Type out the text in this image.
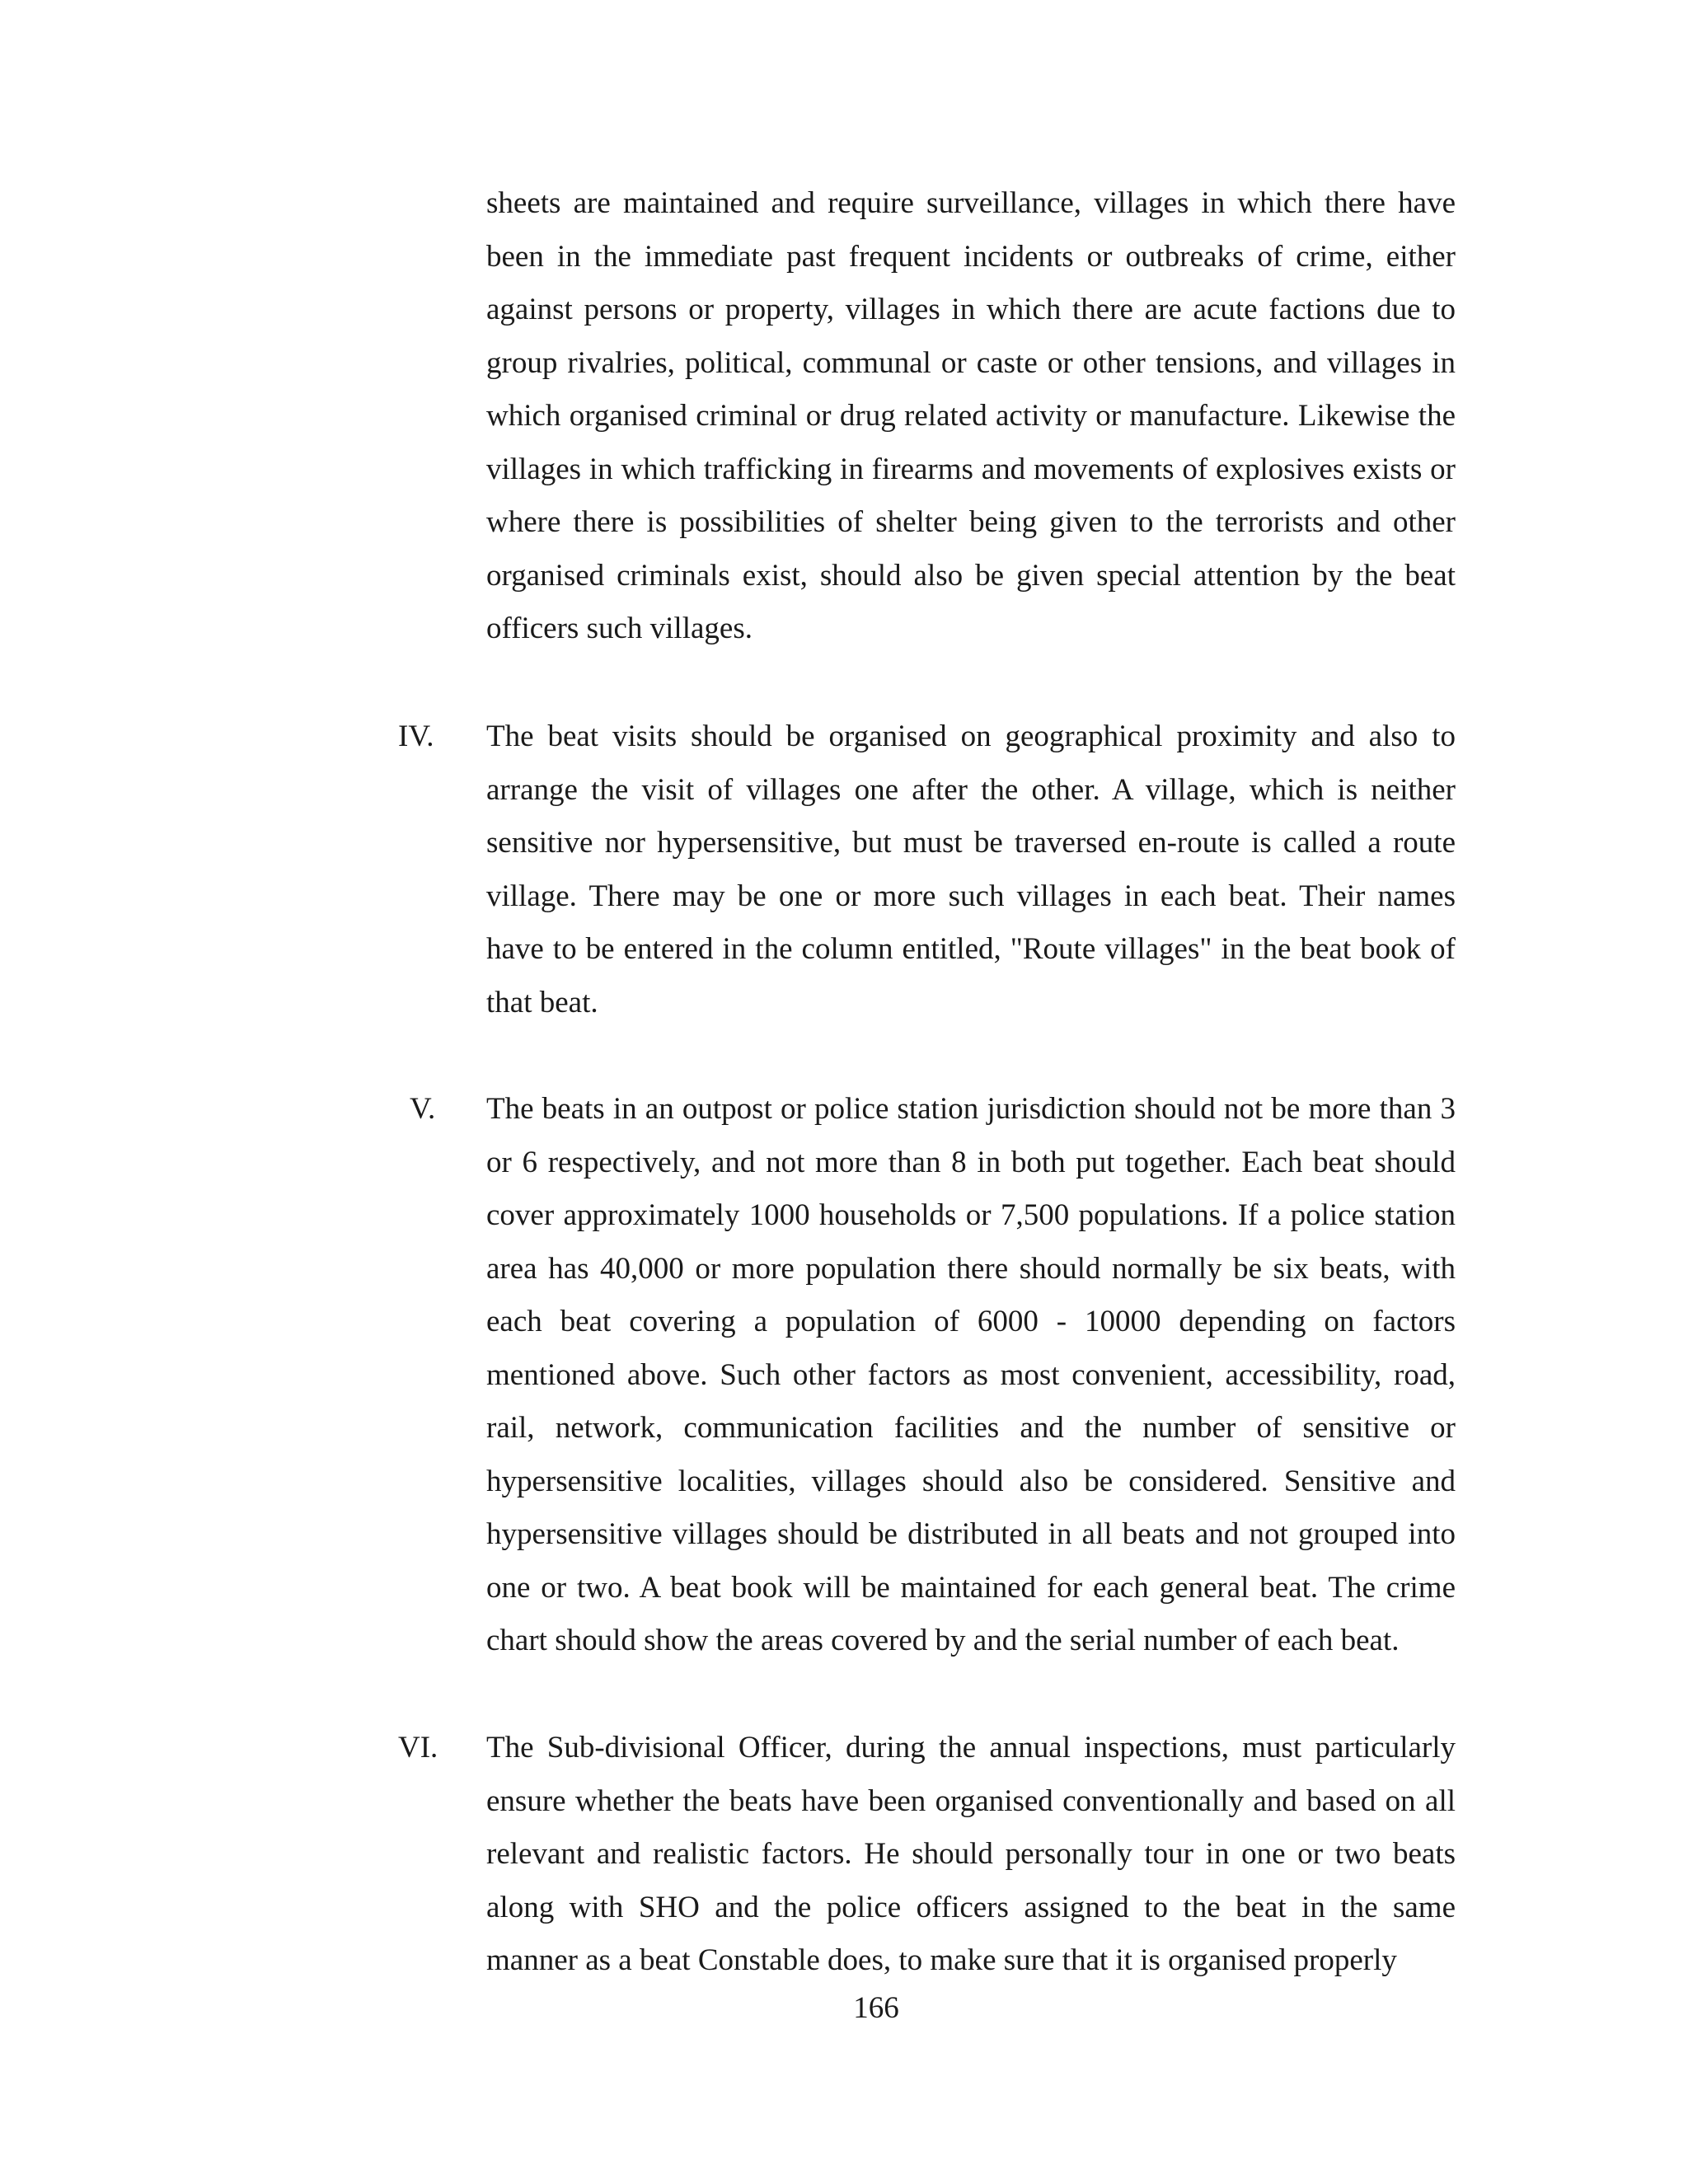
sheets are maintained and require surveillance, villages in which there have been in the immediate past frequent incidents or outbreaks of crime, either against persons or property, villages in which there are acute factions due to group rivalries, political, communal or caste or other tensions, and villages in which organised criminal or drug related activity or manufacture. Likewise the villages in which trafficking in firearms and movements of explosives exists or where there is possibilities of shelter being given to the terrorists and other organised criminals exist, should also be given special attention by the beat officers such villages.

IV. The beat visits should be organised on geographical proximity and also to arrange the visit of villages one after the other. A village, which is neither sensitive nor hypersensitive, but must be traversed en-route is called a route village. There may be one or more such villages in each beat. Their names have to be entered in the column entitled, "Route villages" in the beat book of that beat.

V. The beats in an outpost or police station jurisdiction should not be more than 3 or 6 respectively, and not more than 8 in both put together. Each beat should cover approximately 1000 households or 7,500 populations. If a police station area has 40,000 or more population there should normally be six beats, with each beat covering a population of 6000 - 10000 depending on factors mentioned above. Such other factors as most convenient, accessibility, road, rail, network, communication facilities and the number of sensitive or hypersensitive localities, villages should also be considered. Sensitive and hypersensitive villages should be distributed in all beats and not grouped into one or two. A beat book will be maintained for each general beat. The crime chart should show the areas covered by and the serial number of each beat.

VI. The Sub-divisional Officer, during the annual inspections, must particularly ensure whether the beats have been organised conventionally and based on all relevant and realistic factors. He should personally tour in one or two beats along with SHO and the police officers assigned to the beat in the same manner as a beat Constable does, to make sure that it is organised properly

166
